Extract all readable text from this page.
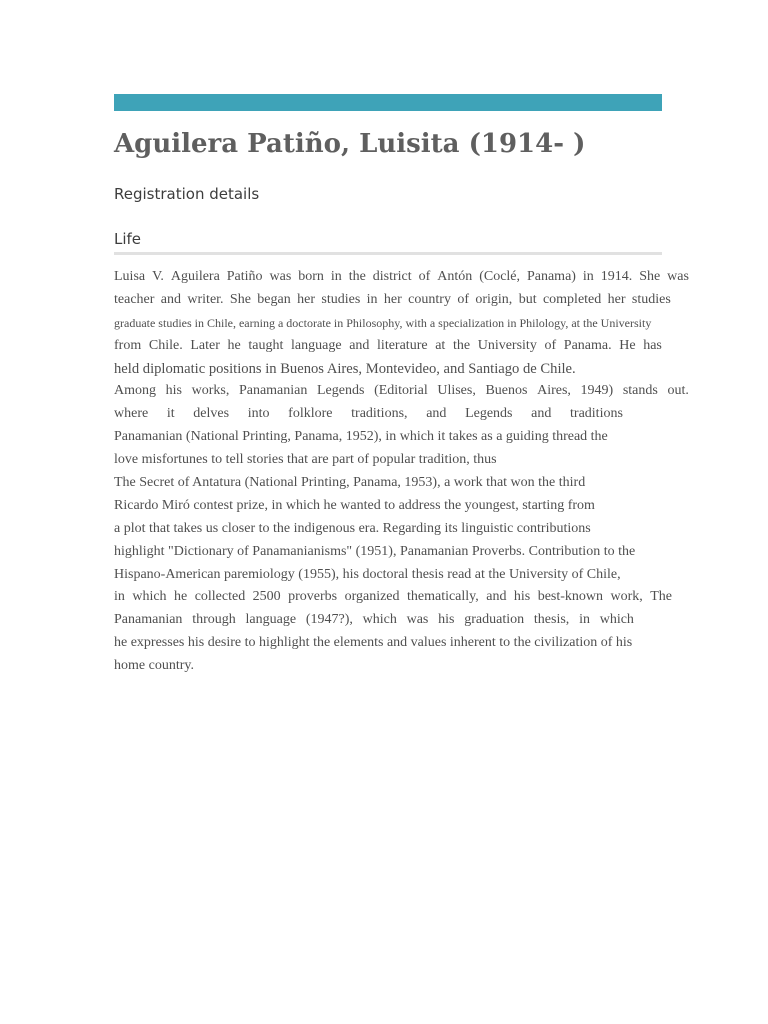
Aguilera Patiño, Luisita (1914- )
Registration details
Life
Luisa V. Aguilera Patiño was born in the district of Antón (Coclé, Panama) in 1914. She was
teacher and writer. She began her studies in her country of origin, but completed her studies
graduate studies in Chile, earning a doctorate in Philosophy, with a specialization in Philology, at the University
from Chile. Later he taught language and literature at the University of Panama. He has
held diplomatic positions in Buenos Aires, Montevideo, and Santiago de Chile.
Among his works, Panamanian Legends (Editorial Ulises, Buenos Aires, 1949) stands out.
where it delves into folklore traditions, and Legends and traditions
Panamanian (National Printing, Panama, 1952), in which it takes as a guiding thread the
love misfortunes to tell stories that are part of popular tradition, thus
The Secret of Antatura (National Printing, Panama, 1953), a work that won the third
Ricardo Miró contest prize, in which he wanted to address the youngest, starting from
a plot that takes us closer to the indigenous era. Regarding its linguistic contributions
highlight "Dictionary of Panamanianisms" (1951), Panamanian Proverbs. Contribution to the
Hispano-American paremiology (1955), his doctoral thesis read at the University of Chile,
in which he collected 2500 proverbs organized thematically, and his best-known work, The
Panamanian through language (1947?), which was his graduation thesis, in which
he expresses his desire to highlight the elements and values inherent to the civilization of his
home country.
